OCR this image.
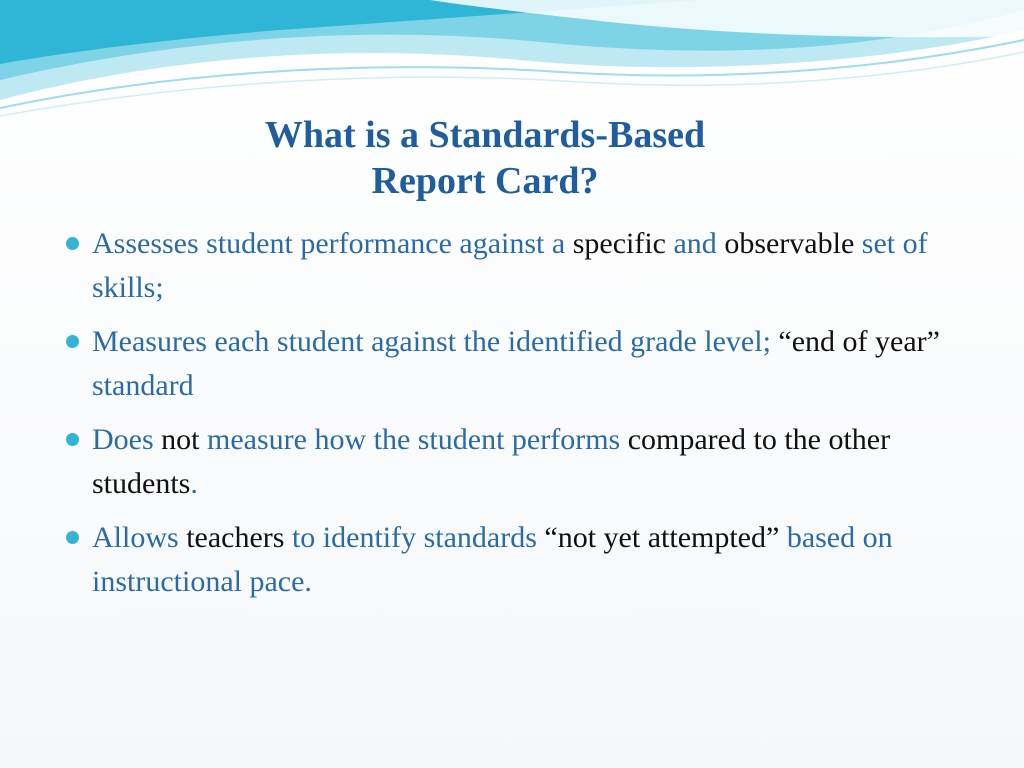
What is a Standards-Based
Report Card?
Assesses student performance against a specific and observable set of skills;
Measures each student against the identified grade level; “end of year” standard
Does not measure how the student performs compared to the other students.
Allows teachers to identify standards “not yet attempted” based on instructional pace.
